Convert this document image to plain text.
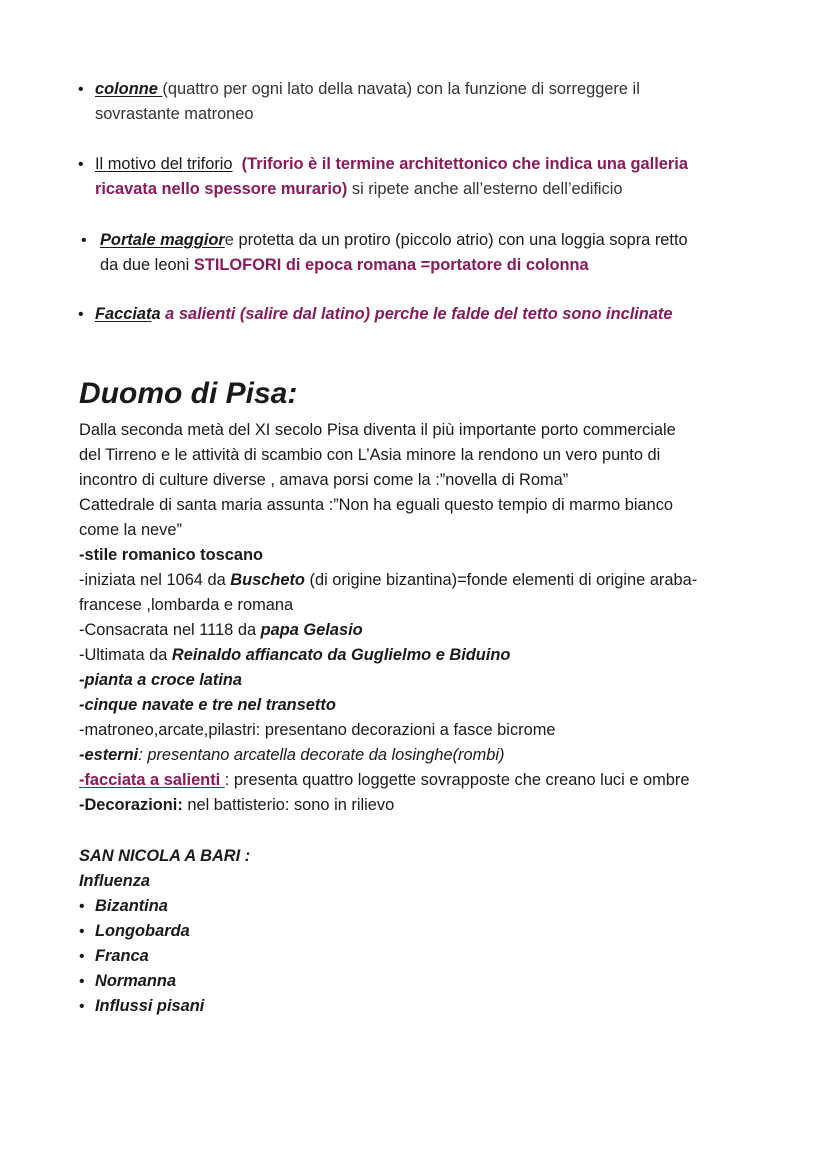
• colonne (quattro per ogni lato della navata) con la funzione di sorreggere il
sovrastante matroneo
• Il motivo del triforio (Triforio è il termine architettonico che indica una galleria
ricavata nello spessore murario) si ripete anche all’esterno dell’edificio
• Portale maggiore protetta da un protiro (piccolo atrio) con una loggia sopra retto
da due leoni STILOFORI di epoca romana =portatore di colonna
• Facciata a salienti (salire dal latino) perche le falde del tetto sono inclinate
Duomo di Pisa:
Dalla seconda metà del XI secolo Pisa diventa il più importante porto commerciale
del Tirreno e le attività di scambio con L’Asia minore la rendono un vero punto di
incontro di culture diverse , amava porsi come la :”novella di Roma”
Cattedrale di santa maria assunta :”Non ha eguali questo tempio di marmo bianco
come la neve”
-stile romanico toscano
-iniziata nel 1064 da Buscheto (di origine bizantina)=fonde elementi di origine araba-
francese ,lombarda e romana
-Consacrata nel 1118 da papa Gelasio
-Ultimata da Reinaldo affiancato da Guglielmo e Biduino
-pianta a croce latina
-cinque navate e tre nel transetto
-matroneo,arcate,pilastri: presentano decorazioni a fasce bicrome
-esterni: presentano arcatella decorate da losinghe(rombi)
-facciata a salienti : presenta quattro loggette sovrapposte che creano luci e ombre
-Decorazioni: nel battisterio: sono in rilievo
SAN NICOLA A BARI :
Influenza
• Bizantina
• Longobarda
• Franca
• Normanna
• Influssi pisani
